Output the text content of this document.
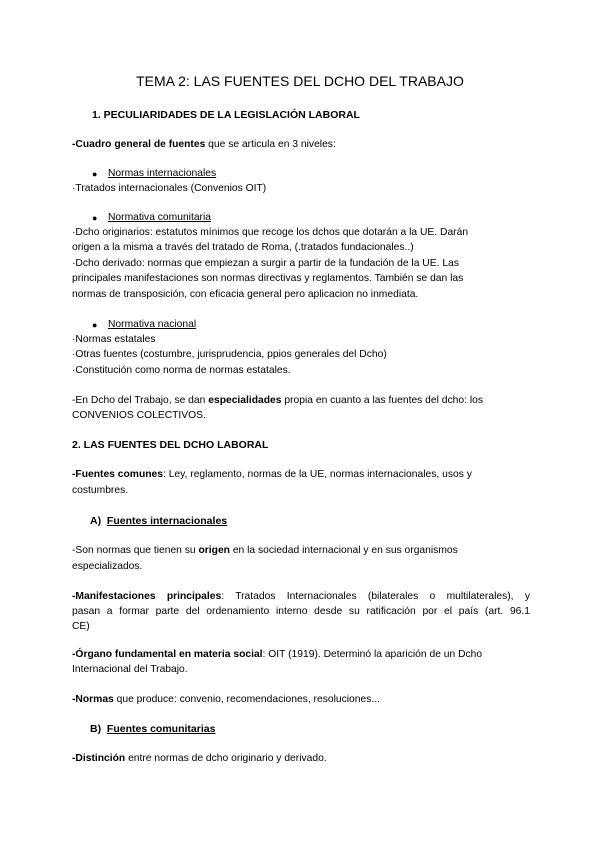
TEMA 2: LAS FUENTES DEL DCHO DEL TRABAJO
1. PECULIARIDADES DE LA LEGISLACIÓN LABORAL
-Cuadro general de fuentes que se articula en 3 niveles:
● Normas internacionales
·Tratados internacionales (Convenios OIT)
● Normativa comunitaria
·Dcho originarios: estatutos mínimos que recoge los dchos que dotarán a la UE. Darán
origen a la misma a través del tratado de Roma, (.tratados fundacionales..)
·Dcho derivado: normas que empiezan a surgir a partir de la fundación de la UE. Las
principales manifestaciones son normas directivas y reglamentos. También se dan las
normas de transposición, con eficacia general pero aplicacion no inmediata.
● Normativa nacional
·Normas estatales
·Otras fuentes (costumbre, jurisprudencia, ppios generales del Dcho)
·Constitución como norma de normas estatales.
-En Dcho del Trabajo, se dan especialidades propia en cuanto a las fuentes del dcho: los
CONVENIOS COLECTIVOS.
2. LAS FUENTES DEL DCHO LABORAL
-Fuentes comunes: Ley, reglamento, normas de la UE, normas internacionales, usos y
costumbres.
A)  Fuentes internacionales
-Son normas que tienen su origen en la sociedad internacional y en sus organismos
especializados.
-Manifestaciones principales: Tratados Internacionales (bilaterales o multilaterales), y
pasan a formar parte del ordenamiento interno desde su ratificación por el país (art. 96.1
CE)
-Órgano fundamental en materia social: OIT (1919). Determinó la aparición de un Dcho
Internacional del Trabajo.
-Normas que produce: convenio, recomendaciones, resoluciones...
B)  Fuentes comunitarias
-Distinción entre normas de dcho originario y derivado.
